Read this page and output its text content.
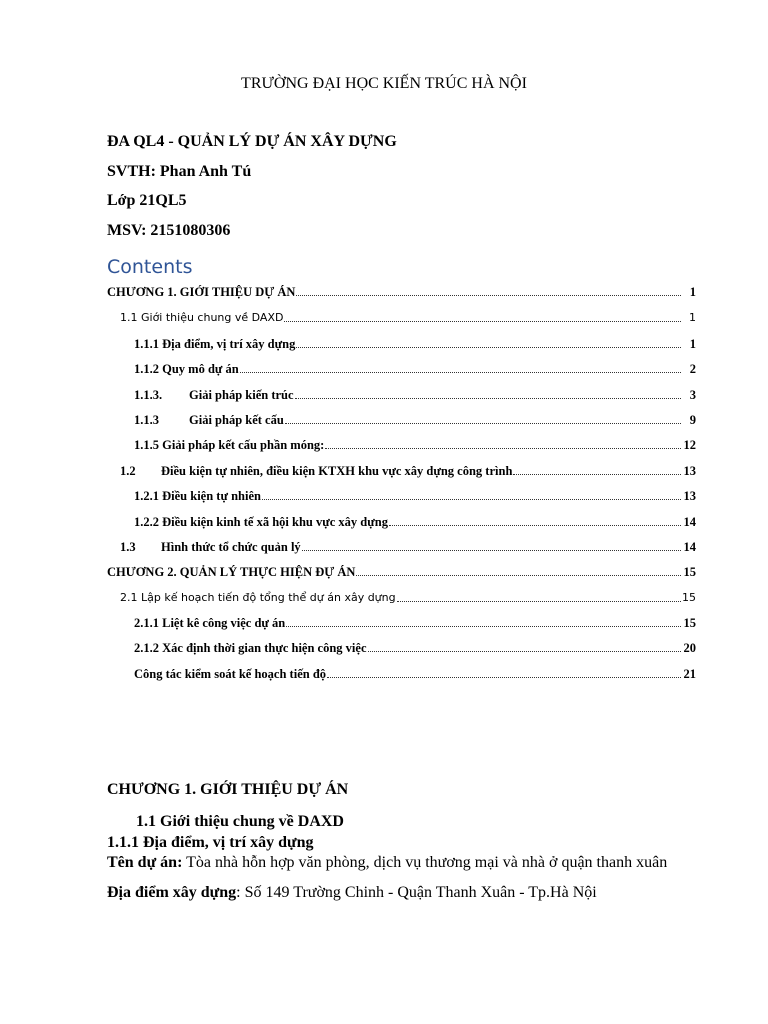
TRƯỜNG ĐẠI HỌC KIẾN TRÚC HÀ NỘI
ĐA QL4 - QUẢN LÝ DỰ ÁN XÂY DỰNG
SVTH: Phan Anh Tú
Lớp 21QL5
MSV: 2151080306
Contents
CHƯƠNG 1. GIỚI THIỆU DỰ ÁN	1
1.1 Giới thiệu chung về DAXD	1
1.1.1 Địa điểm, vị trí xây dựng	1
1.1.2 Quy mô dự án	2
1.1.3. Giải pháp kiến trúc	3
1.1.3 Giải pháp kết cấu	9
1.1.5 Giải pháp kết cấu phần móng:	12
1.2 Điều kiện tự nhiên, điều kiện KTXH khu vực xây dựng công trình	13
1.2.1 Điều kiện tự nhiên	13
1.2.2 Điều kiện kinh tế xã hội khu vực xây dựng	14
1.3 Hình thức tổ chức quản lý	14
CHƯƠNG 2. QUẢN LÝ THỰC HIỆN ĐỰ ÁN	15
2.1 Lập kế hoạch tiến độ tổng thể dự án xây dựng	15
2.1.1 Liệt kê công việc dự án	15
2.1.2 Xác định thời gian thực hiện công việc	20
Công tác kiểm soát kế hoạch tiến độ	21
CHƯƠNG 1. GIỚI THIỆU DỰ ÁN
1.1 Giới thiệu chung về DAXD
1.1.1 Địa điểm, vị trí xây dựng
Tên dự án: Tòa nhà hỗn hợp văn phòng, dịch vụ thương mại và nhà ở quận thanh xuân
Địa điểm xây dựng: Số 149 Trường Chinh - Quận Thanh Xuân - Tp.Hà Nội
